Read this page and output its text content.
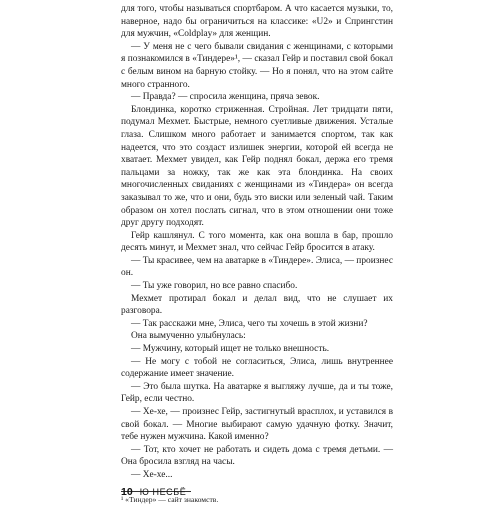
для того, чтобы называться спортбаром. А что касается музыки, то, наверное, надо бы ограничиться на классике: «U2» и Спрингстин для мужчин, «Coldplay» для женщин.

— У меня не с чего бывали свидания с женщинами, с которыми я познакомился в «Тиндере»¹, — сказал Гейр и поставил свой бокал с белым вином на барную стойку. — Но я понял, что на этом сайте много странного.

— Правда? — спросила женщина, пряча зевок.

Блондинка, коротко стриженная. Стройная. Лет тридцати пяти, подумал Мехмет. Быстрые, немного суетливые движения. Усталые глаза. Слишком много работает и занимается спортом, так как надеется, что это создаст излишек энергии, которой ей всегда не хватает. Мехмет увидел, как Гейр поднял бокал, держа его тремя пальцами за ножку, так же как эта блондинка. На своих многочисленных свиданиях с женщинами из «Тиндера» он всегда заказывал то же, что и они, будь это виски или зеленый чай. Таким образом он хотел послать сигнал, что в этом отношении они тоже друг другу подходят.

Гейр кашлянул. С того момента, как она вошла в бар, прошло десять минут, и Мехмет знал, что сейчас Гейр бросится в атаку.

— Ты красивее, чем на аватарке в «Тиндере». Элиса, — произнес он.

— Ты уже говорил, но все равно спасибо.

Мехмет протирал бокал и делал вид, что не слушает их разговора.

— Так расскажи мне, Элиса, чего ты хочешь в этой жизни?

Она вымученно улыбнулась:

— Мужчину, который ищет не только внешность.

— Не могу с тобой не согласиться, Элиса, лишь внутреннее содержание имеет значение.

— Это была шутка. На аватарке я выгляжу лучше, да и ты тоже, Гейр, если честно.

— Хе-хе, — произнес Гейр, застигнутый врасплох, и уставился в свой бокал. — Многие выбирают самую удачную фотку. Значит, тебе нужен мужчина. Какой именно?

— Тот, кто хочет не работать и сидеть дома с тремя детьми. — Она бросила взгляд на часы.

— Хе-хе...

¹ «Тиндер» — сайт знакомств.

10 Ю НЕСБЁ
